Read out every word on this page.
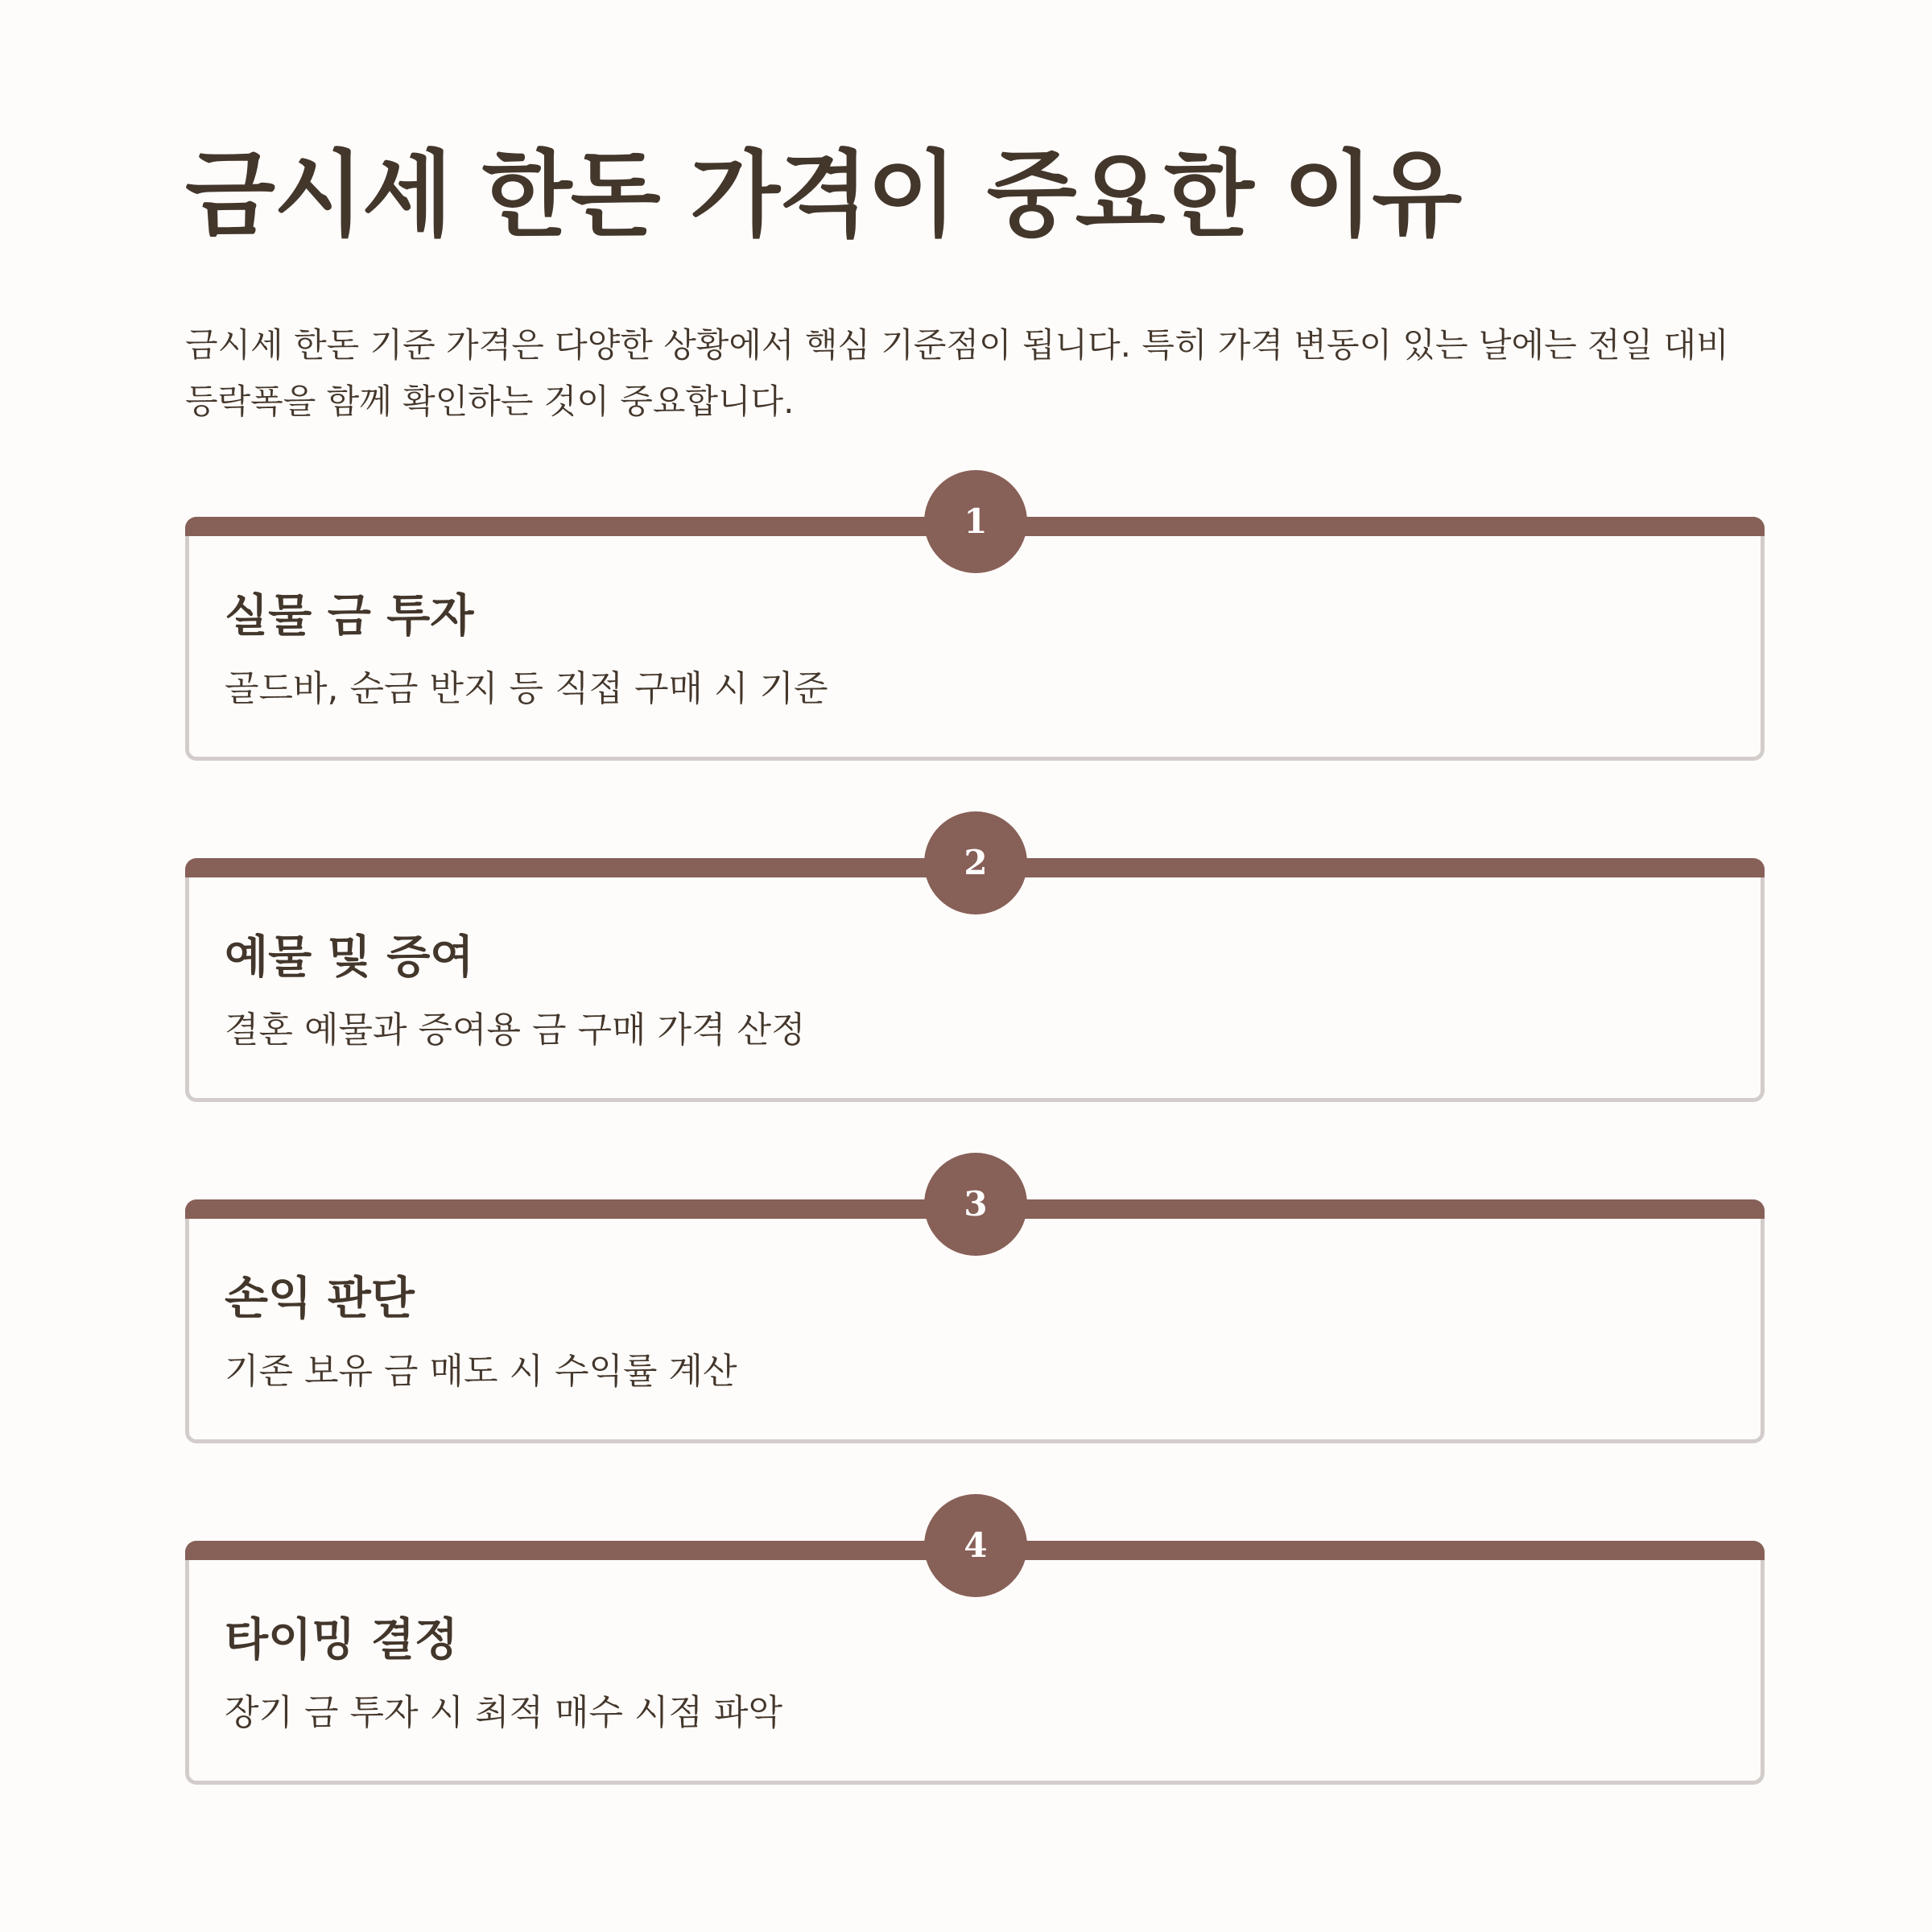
금시세 한돈 가격이 중요한 이유

금시세 한돈 기준 가격은 다양한 상황에서 핵심 기준점이 됩니다. 특히 가격 변동이 있는 날에는 전일 대비 등락폭을 함께 확인하는 것이 중요합니다.

1
실물 금 투자

골드바, 순금 반지 등 직접 구매 시 기준

2
예물 및 증여

결혼 예물과 증여용 금 구매 가격 산정

3
손익 판단

기존 보유 금 매도 시 수익률 계산

4
타이밍 결정

장기 금 투자 시 최적 매수 시점 파악
